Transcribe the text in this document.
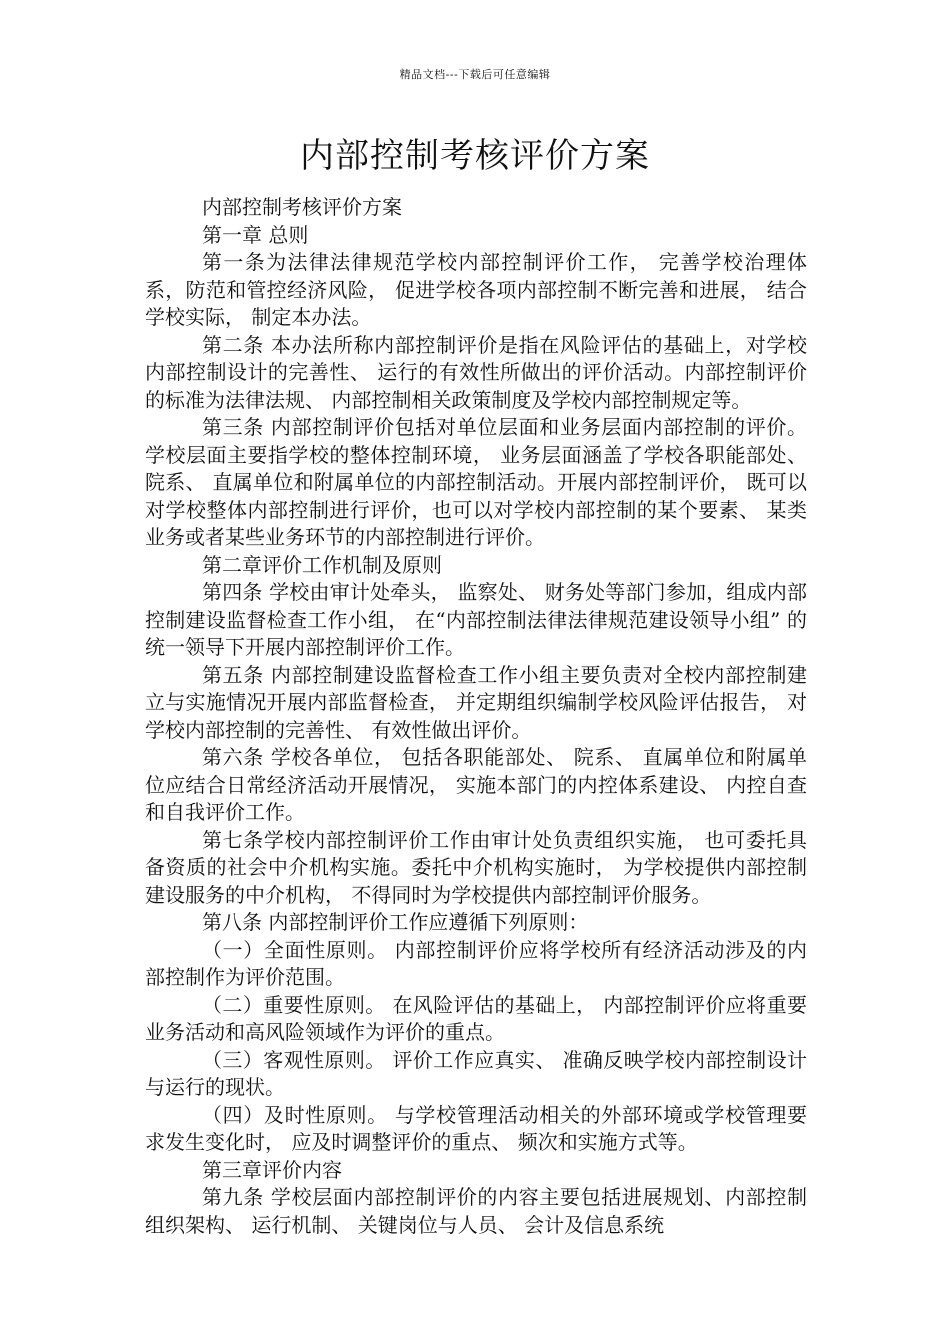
精品文档---下载后可任意编辑
内部控制考核评价方案

内部控制考核评价方案

第一章 总则

第一条为法律法律规范学校内部控制评价工作， 完善学校治理体系，防范和管控经济风险， 促进学校各项内部控制不断完善和进展， 结合学校实际， 制定本办法。

第二条 本办法所称内部控制评价是指在风险评估的基础上，对学校内部控制设计的完善性、 运行的有效性所做出的评价活动。内部控制评价的标准为法律法规、 内部控制相关政策制度及学校内部控制规定等。

第三条 内部控制评价包括对单位层面和业务层面内部控制的评价。 学校层面主要指学校的整体控制环境， 业务层面涵盖了学校各职能部处、 院系、 直属单位和附属单位的内部控制活动。开展内部控制评价， 既可以对学校整体内部控制进行评价，也可以对学校内部控制的某个要素、 某类业务或者某些业务环节的内部控制进行评价。

第二章评价工作机制及原则

第四条 学校由审计处牵头， 监察处、 财务处等部门参加，组成内部控制建设监督检查工作小组， 在“内部控制法律法律规范建设领导小组” 的统一领导下开展内部控制评价工作。

第五条 内部控制建设监督检查工作小组主要负责对全校内部控制建立与实施情况开展内部监督检查， 并定期组织编制学校风险评估报告， 对学校内部控制的完善性、 有效性做出评价。

第六条 学校各单位， 包括各职能部处、 院系、 直属单位和附属单位应结合日常经济活动开展情况， 实施本部门的内控体系建设、 内控自查和自我评价工作。

第七条学校内部控制评价工作由审计处负责组织实施， 也可委托具备资质的社会中介机构实施。委托中介机构实施时， 为学校提供内部控制建设服务的中介机构， 不得同时为学校提供内部控制评价服务。

第八条 内部控制评价工作应遵循下列原则：

（一）全面性原则。 内部控制评价应将学校所有经济活动涉及的内部控制作为评价范围。

（二）重要性原则。 在风险评估的基础上， 内部控制评价应将重要业务活动和高风险领域作为评价的重点。

（三）客观性原则。 评价工作应真实、 准确反映学校内部控制设计与运行的现状。

（四）及时性原则。 与学校管理活动相关的外部环境或学校管理要求发生变化时， 应及时调整评价的重点、 频次和实施方式等。

第三章评价内容

第九条 学校层面内部控制评价的内容主要包括进展规划、内部控制组织架构、 运行机制、 关键岗位与人员、 会计及信息系统
